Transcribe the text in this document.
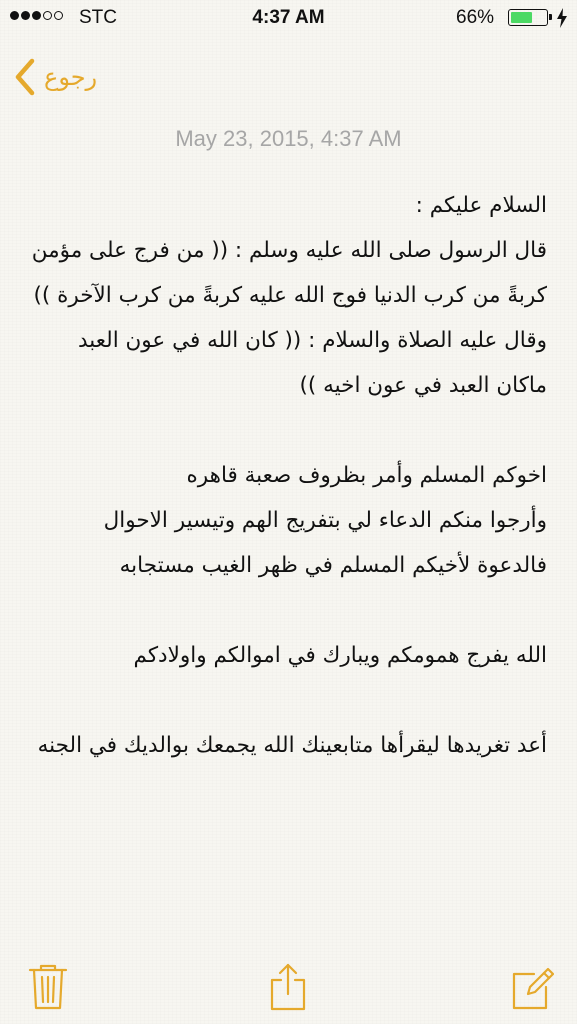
STC	4:37 AM	66%
رجوع
May 23, 2015, 4:37 AM
السلام عليكم :
قال الرسول صلى الله عليه وسلم : (( من فرج على مؤمن كربةً من كرب الدنيا فوج الله عليه كربةً من كرب الآخرة ))
وقال عليه الصلاة والسلام : (( كان الله في عون العبد ماكان العبد في عون اخيه ))
اخوكم المسلم وأمر بظروف صعبة قاهره
وأرجوا منكم الدعاء لي بتفريج الهم وتيسير الاحوال
فالدعوة لأخيكم المسلم في ظهر الغيب مستجابه
الله يفرج همومكم ويبارك في اموالكم واولادكم
أعد تغريدها ليقرأها متابعينك الله يجمعك بوالديك في الجنه
